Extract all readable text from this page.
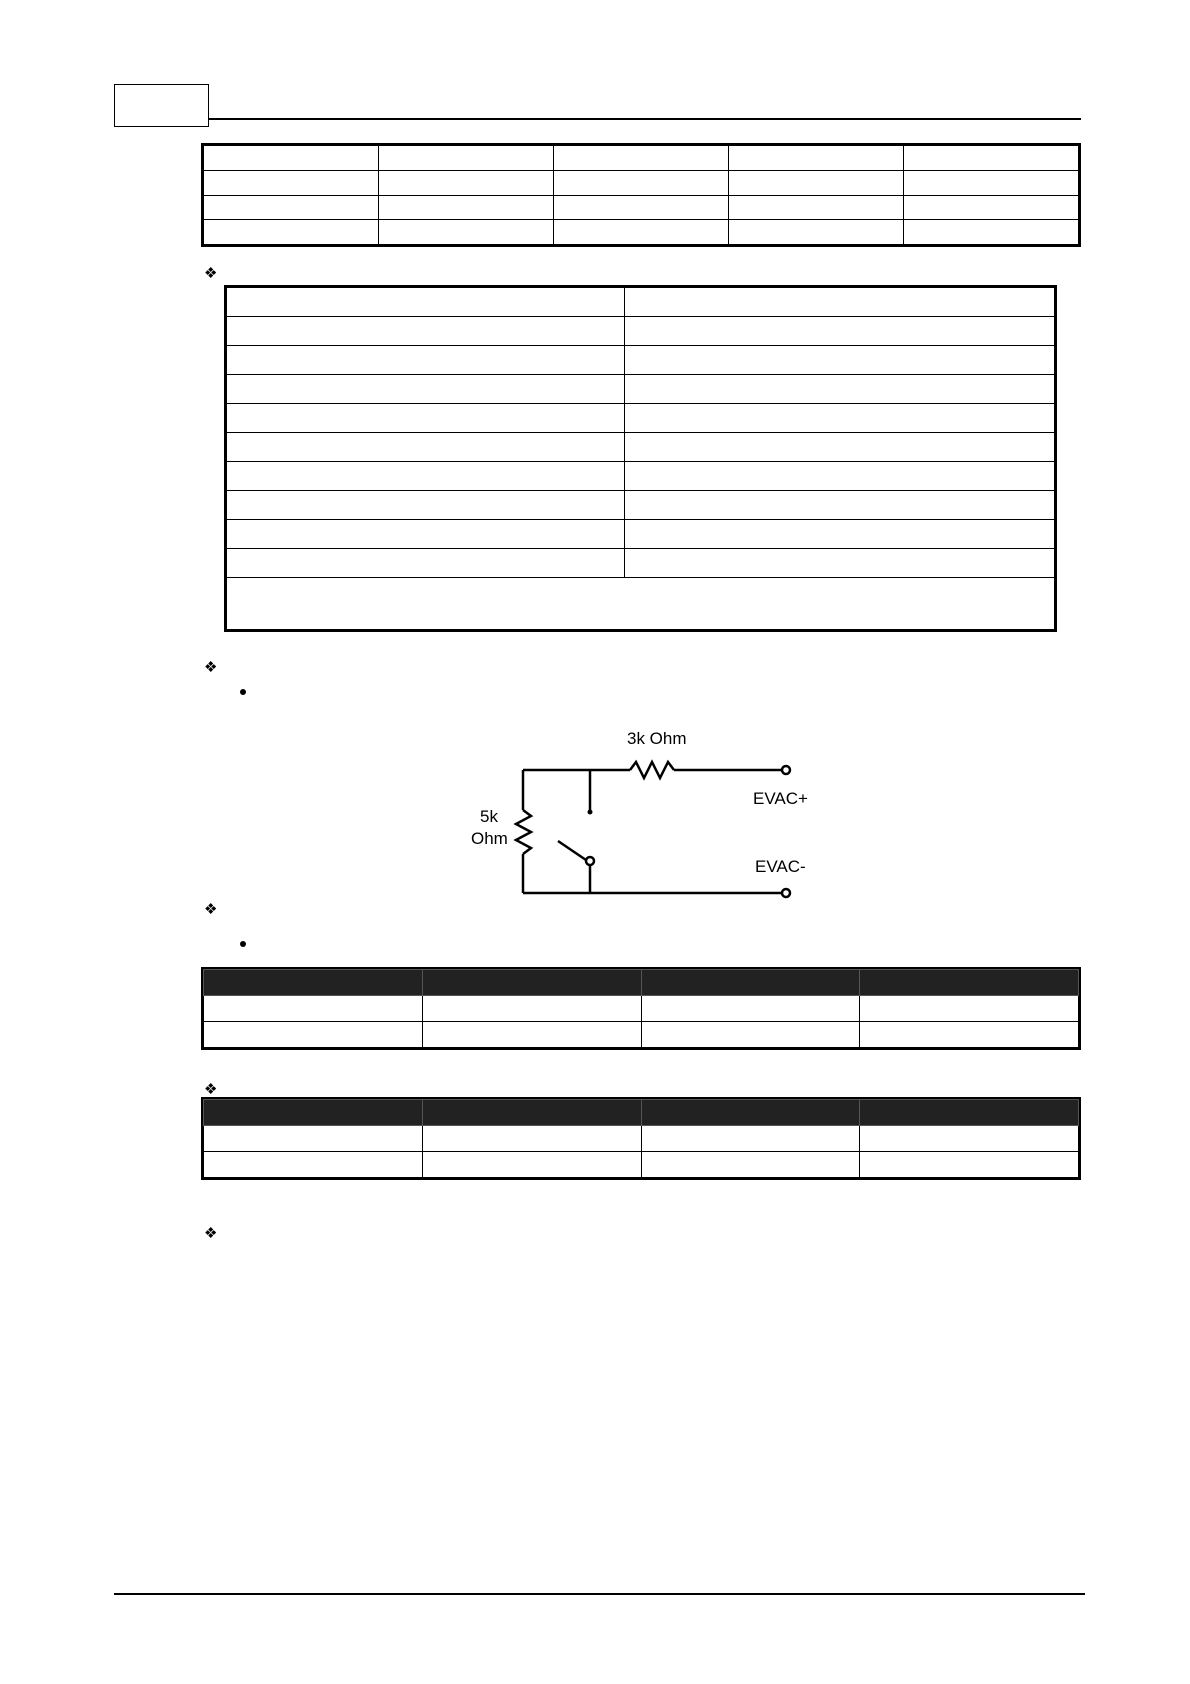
❖

❖
3k Ohm
5k
Ohm
EVAC+
EVAC-
❖

❖

❖
